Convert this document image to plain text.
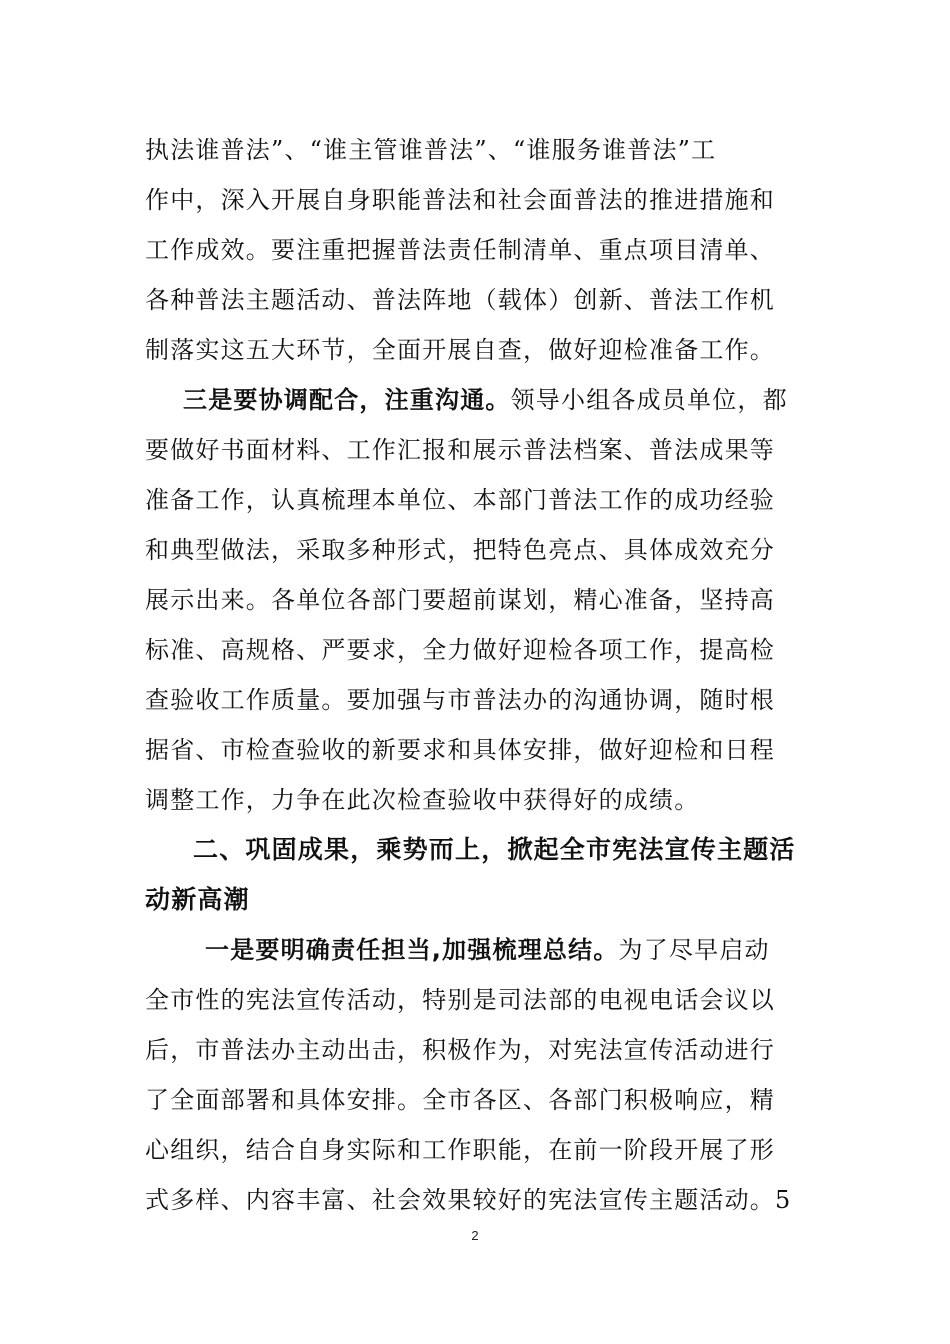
执法谁普法”、“谁主管谁普法”、“谁服务谁普法”工
作中，深入开展自身职能普法和社会面普法的推进措施和
工作成效。要注重把握普法责任制清单、重点项目清单、
各种普法主题活动、普法阵地（载体）创新、普法工作机
制落实这五大环节，全面开展自查，做好迎检准备工作。
三是要协调配合，注重沟通。领导小组各成员单位，都
要做好书面材料、工作汇报和展示普法档案、普法成果等
准备工作，认真梳理本单位、本部门普法工作的成功经验
和典型做法，采取多种形式，把特色亮点、具体成效充分
展示出来。各单位各部门要超前谋划，精心准备，坚持高
标准、高规格、严要求，全力做好迎检各项工作，提高检
查验收工作质量。要加强与市普法办的沟通协调，随时根
据省、市检查验收的新要求和具体安排，做好迎检和日程
调整工作，力争在此次检查验收中获得好的成绩。
二、巩固成果，乘势而上，掀起全市宪法宣传主题活
动新高潮
一是要明确责任担当,加强梳理总结。为了尽早启动
全市性的宪法宣传活动，特别是司法部的电视电话会议以
后，市普法办主动出击，积极作为，对宪法宣传活动进行
了全面部署和具体安排。全市各区、各部门积极响应，精
心组织，结合自身实际和工作职能，在前一阶段开展了形
式多样、内容丰富、社会效果较好的宪法宣传主题活动。5
2
